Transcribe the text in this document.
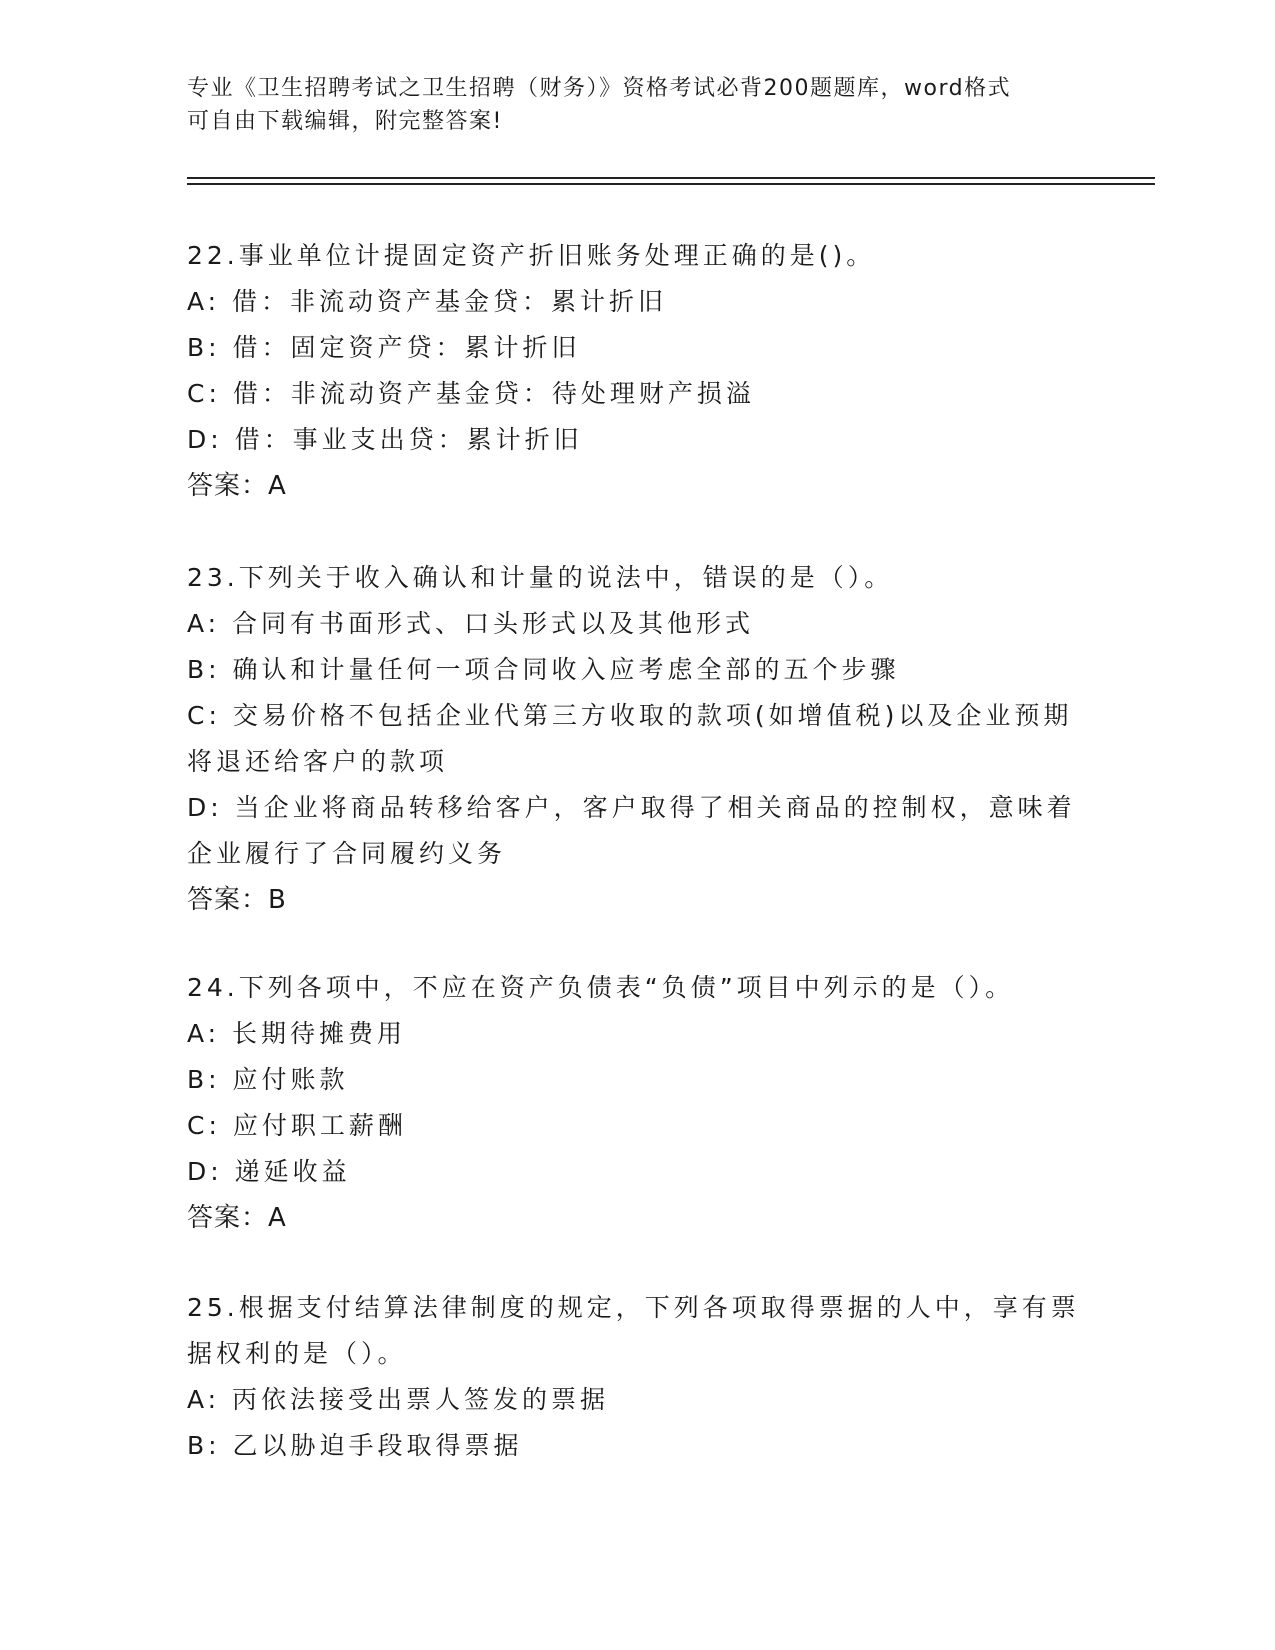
专业《卫生招聘考试之卫生招聘（财务）》资格考试必背200题题库，word格式
可自由下载编辑，附完整答案!
22.事业单位计提固定资产折旧账务处理正确的是()。
A: 借：非流动资产基金贷：累计折旧
B: 借：固定资产贷：累计折旧
C: 借：非流动资产基金贷：待处理财产损溢
D: 借：事业支出贷：累计折旧
答案：A
23.下列关于收入确认和计量的说法中，错误的是（）。
A: 合同有书面形式、口头形式以及其他形式
B: 确认和计量任何一项合同收入应考虑全部的五个步骤
C: 交易价格不包括企业代第三方收取的款项(如增值税)以及企业预期
将退还给客户的款项
D: 当企业将商品转移给客户，客户取得了相关商品的控制权，意味着
企业履行了合同履约义务
答案：B
24.下列各项中，不应在资产负债表“负债”项目中列示的是（）。
A: 长期待摊费用
B: 应付账款
C: 应付职工薪酬
D: 递延收益
答案：A
25.根据支付结算法律制度的规定，下列各项取得票据的人中，享有票
据权利的是（）。
A: 丙依法接受出票人签发的票据
B: 乙以胁迫手段取得票据
